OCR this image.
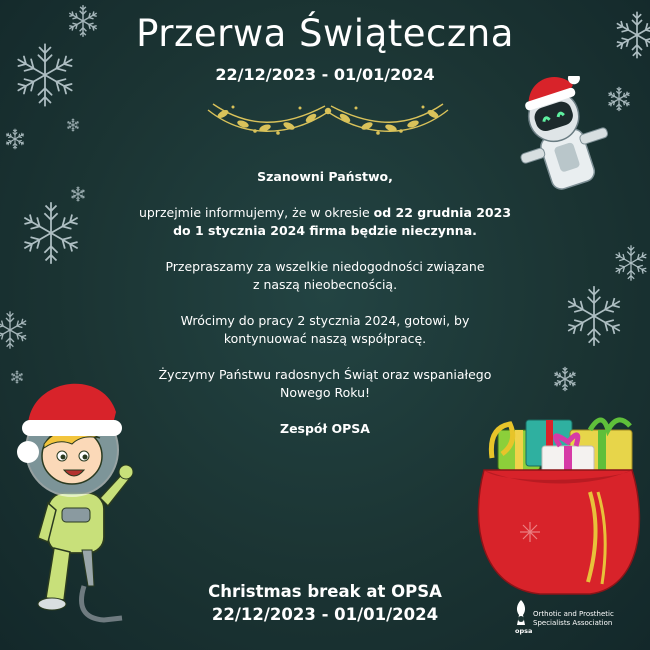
Przerwa Świąteczna
22/12/2023 - 01/01/2024

Szanowni Państwo,

uprzejmie informujemy, że w okresie od 22 grudnia 2023
do 1 stycznia 2024 firma będzie nieczynna.

Przepraszamy za wszelkie niedogodności związane
z naszą nieobecnością.

Wrócimy do pracy 2 stycznia 2024, gotowi, by
kontynuować naszą współpracę.

Życzymy Państwu radosnych Świąt oraz wspaniałego
Nowego Roku!

Zespół OPSA

Christmas break at OPSA
22/12/2023 - 01/01/2024
opsa
Orthotic and Prosthetic
Specialists Association
